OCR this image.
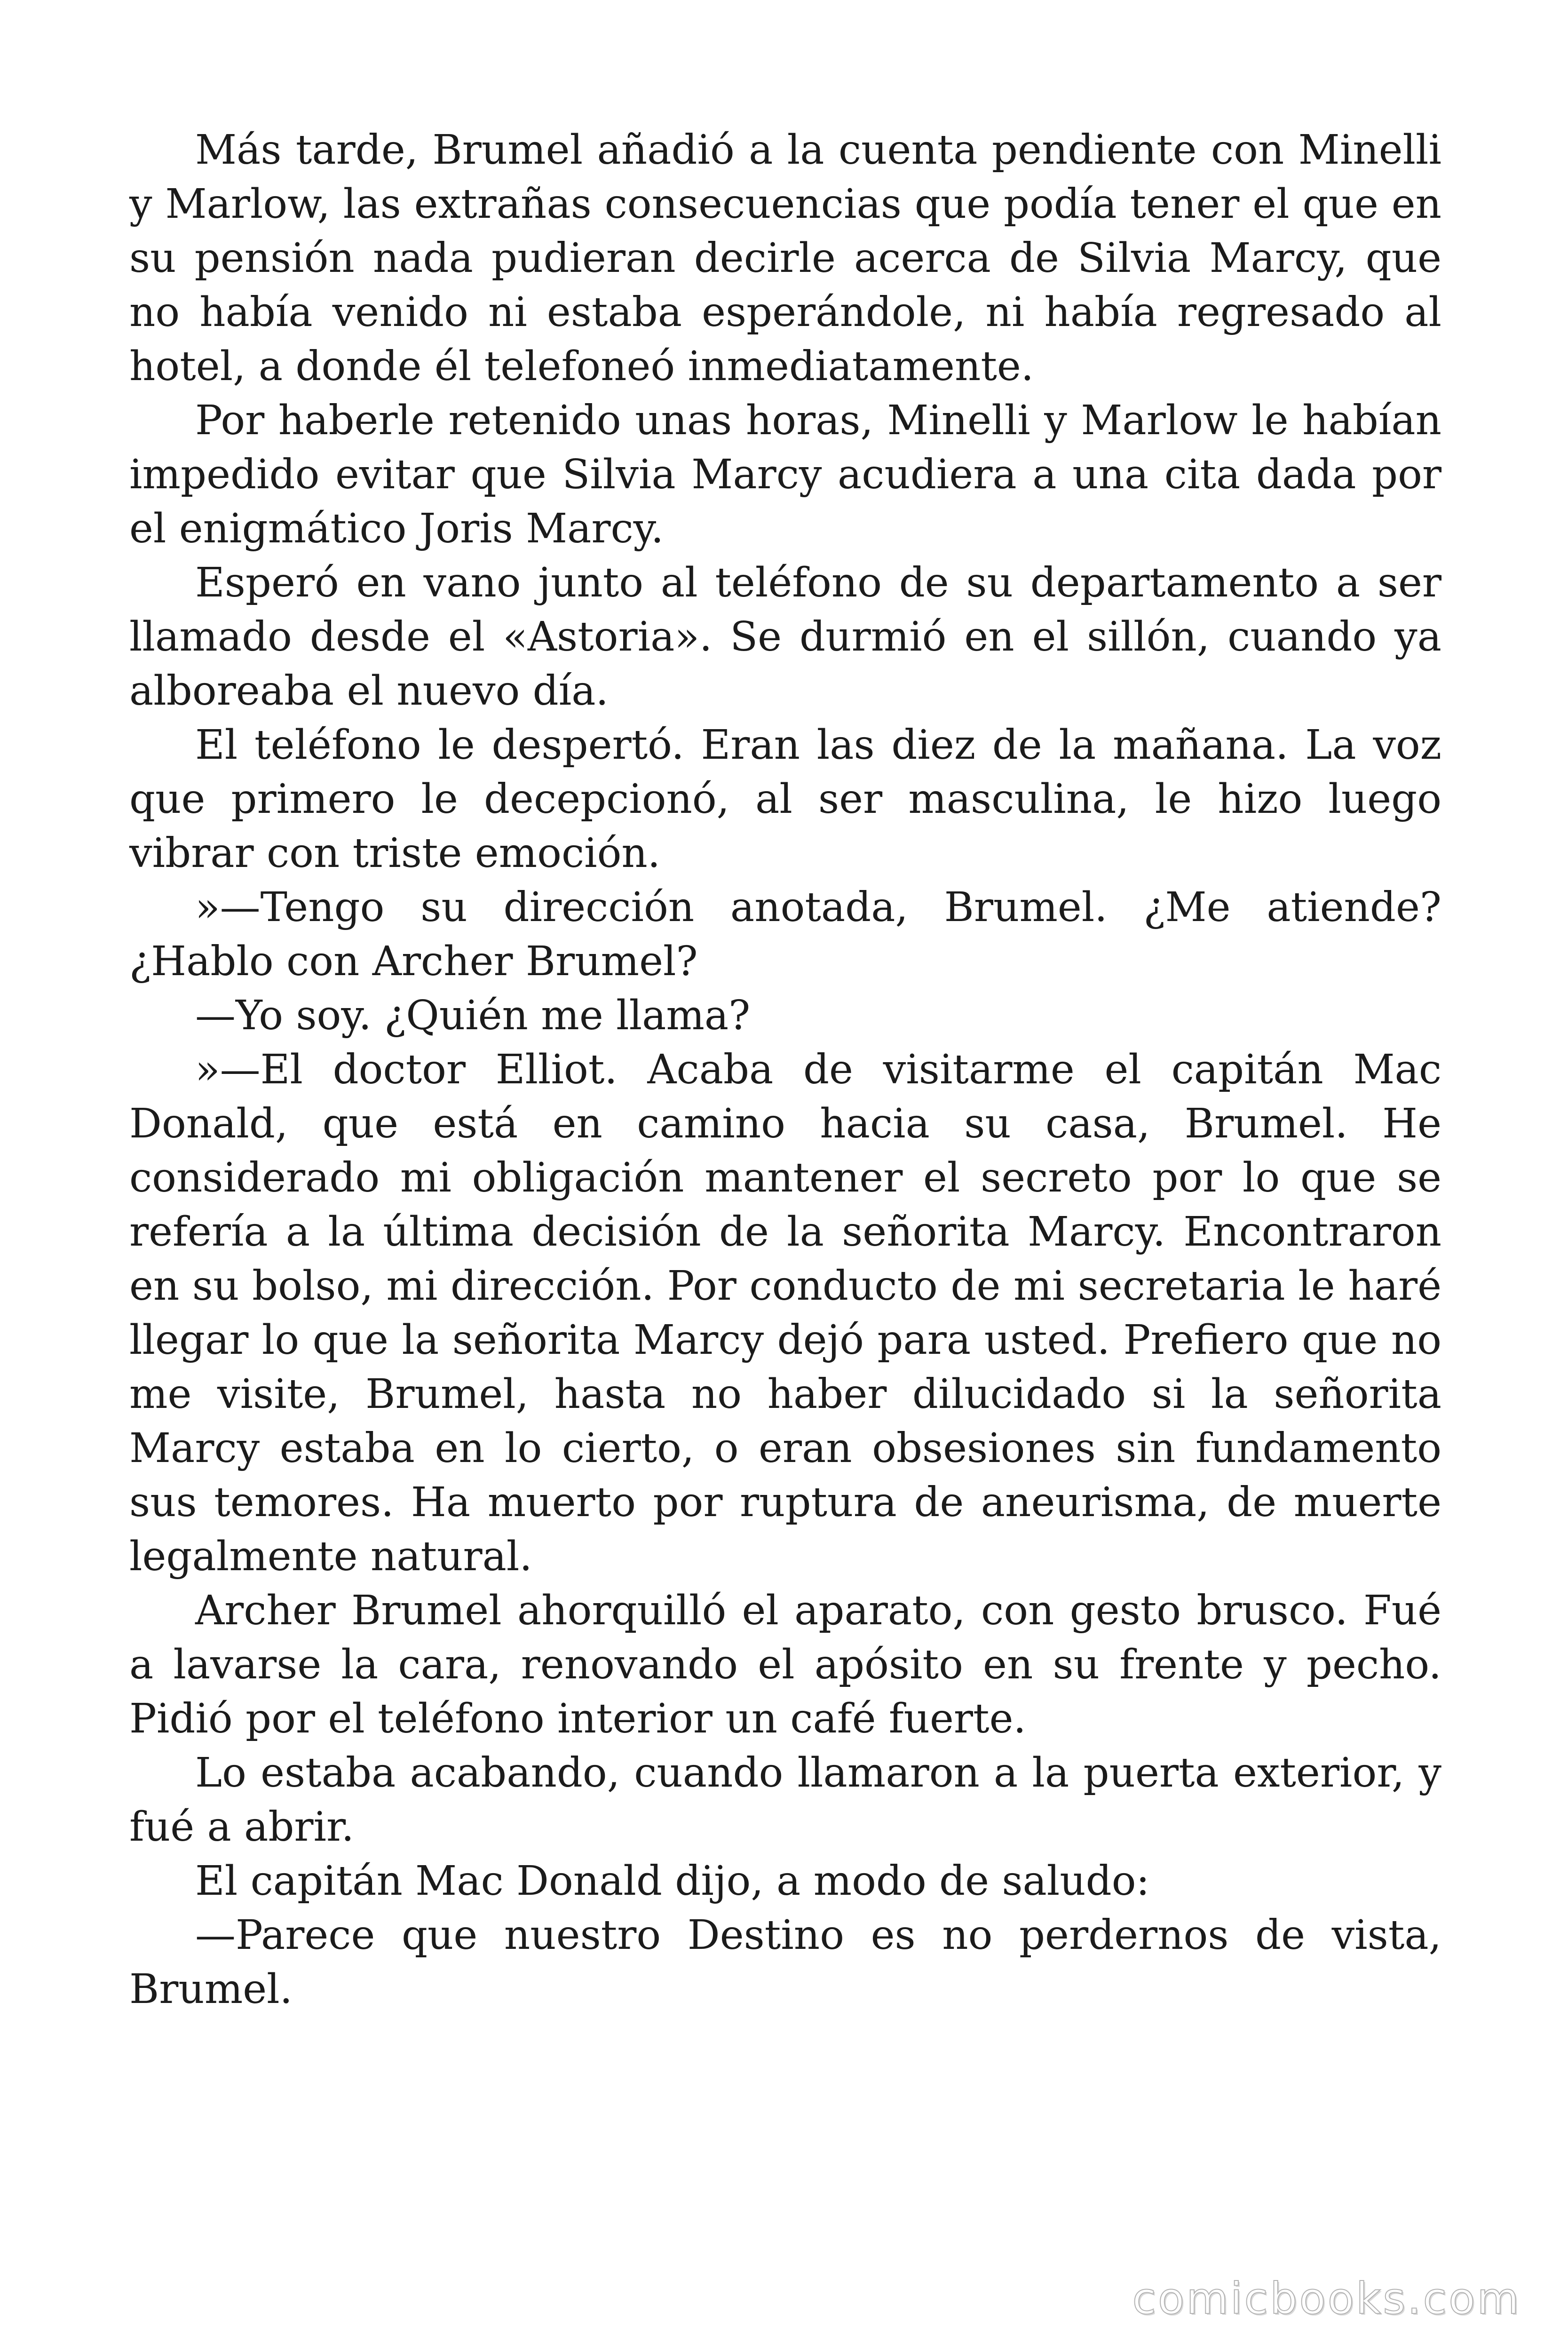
Más tarde, Brumel añadió a la cuenta pendiente con Minelli y Marlow, las extrañas consecuencias que podía tener el que en su pensión nada pudieran decirle acerca de Silvia Marcy, que no había venido ni estaba esperándole, ni había regresado al hotel, a donde él telefoneó inmediatamente.

Por haberle retenido unas horas, Minelli y Marlow le habían impedido evitar que Silvia Marcy acudiera a una cita dada por el enigmático Joris Marcy.

Esperó en vano junto al teléfono de su departamento a ser llamado desde el «Astoria». Se durmió en el sillón, cuando ya alboreaba el nuevo día.

El teléfono le despertó. Eran las diez de la mañana. La voz que primero le decepcionó, al ser masculina, le hizo luego vibrar con triste emoción.

»—Tengo su dirección anotada, Brumel. ¿Me atiende? ¿Hablo con Archer Brumel?

—Yo soy. ¿Quién me llama?

»—El doctor Elliot. Acaba de visitarme el capitán Mac Donald, que está en camino hacia su casa, Brumel. He considerado mi obligación mantener el secreto por lo que se refería a la última decisión de la señorita Marcy. Encontraron en su bolso, mi dirección. Por conducto de mi secretaria le haré llegar lo que la señorita Marcy dejó para usted. Prefiero que no me visite, Brumel, hasta no haber dilucidado si la señorita Marcy estaba en lo cierto, o eran obsesiones sin fundamento sus temores. Ha muerto por ruptura de aneurisma, de muerte legalmente natural.

Archer Brumel ahorquilló el aparato, con gesto brusco. Fué a lavarse la cara, renovando el apósito en su frente y pecho. Pidió por el teléfono interior un café fuerte.

Lo estaba acabando, cuando llamaron a la puerta exterior, y fué a abrir.

El capitán Mac Donald dijo, a modo de saludo:

—Parece que nuestro Destino es no perdernos de vista, Brumel.

comicbooks.com
